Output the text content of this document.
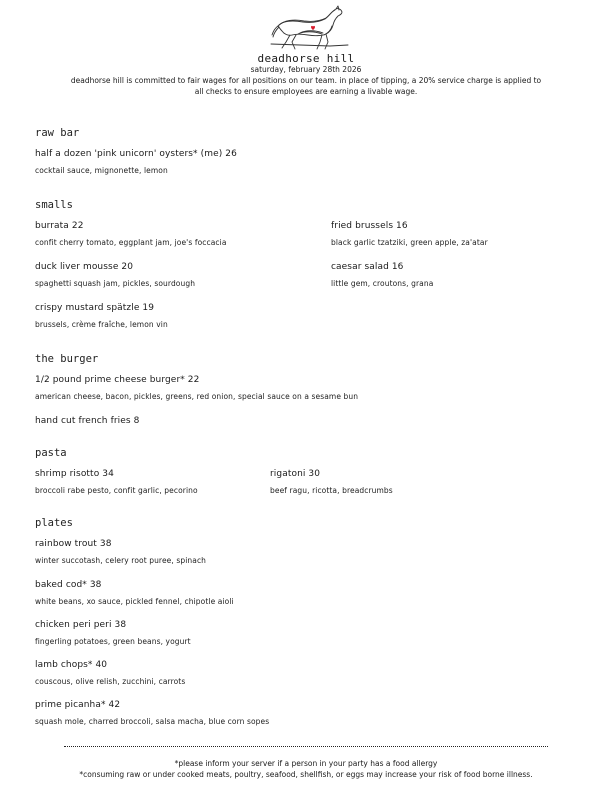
deadhorse hill
saturday, february 28th 2026
deadhorse hill is committed to fair wages for all positions on our team. in place of tipping, a 20% service charge is applied to
all checks to ensure employees are earning a livable wage.
raw bar
half a dozen 'pink unicorn' oysters* (me) 26
cocktail sauce, mignonette, lemon
smalls
burrata 22
confit cherry tomato, eggplant jam, joe's foccacia
fried brussels 16
black garlic tzatziki, green apple, za'atar
duck liver mousse 20
spaghetti squash jam, pickles, sourdough
caesar salad 16
little gem, croutons, grana
crispy mustard spätzle 19
brussels, crème fraîche, lemon vin
the burger
1/2 pound prime cheese burger* 22
american cheese, bacon, pickles, greens, red onion, special sauce on a sesame bun
hand cut french fries 8
pasta
shrimp risotto 34
broccoli rabe pesto, confit garlic, pecorino
rigatoni 30
beef ragu, ricotta, breadcrumbs
plates
rainbow trout 38
winter succotash, celery root puree, spinach
baked cod* 38
white beans, xo sauce, pickled fennel, chipotle aioli
chicken peri peri 38
fingerling potatoes, green beans, yogurt
lamb chops* 40
couscous, olive relish, zucchini, carrots
prime picanha* 42
squash mole, charred broccoli, salsa macha, blue corn sopes
*please inform your server if a person in your party has a food allergy
*consuming raw or under cooked meats, poultry, seafood, shellfish, or eggs may increase your risk of food borne illness.
